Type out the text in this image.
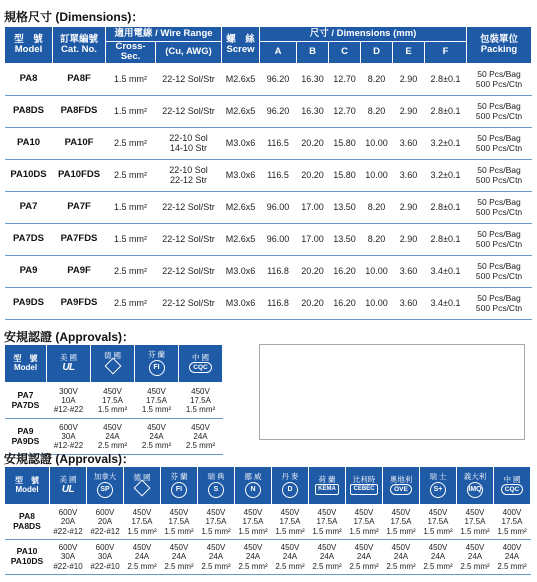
規格尺寸 (Dimensions)：
型　號
Model	訂單編號
Cat. No.	適用電線 / Wire Range		螺　絲
Screw	尺寸 / Dimensions (mm)						包裝單位
Packing

		Cross-Sec.	(Cu, AWG)		A	B	C	D	E	F	
PA8	PA8F	1.5 mm²	22-12 Sol/Str	M2.6x5	96.20	16.30	12.70	8.20	2.90	2.8±0.1	50 Pcs/Bag
500 Pcs/Ctn

PA8DS	PA8FDS	1.5 mm²	22-12 Sol/Str	M2.6x5	96.20	16.30	12.70	8.20	2.90	2.8±0.1	50 Pcs/Bag
500 Pcs/Ctn

PA10	PA10F	2.5 mm²	22-10 Sol
14-10 Str	M3.0x6	116.5	20.20	15.80	10.00	3.60	3.2±0.1	50 Pcs/Bag
500 Pcs/Ctn

PA10DS	PA10FDS	2.5 mm²	22-10 Sol
22-12 Str	M3.0x6	116.5	20.20	15.80	10.00	3.60	3.2±0.1	50 Pcs/Bag
500 Pcs/Ctn

PA7	PA7F	1.5 mm²	22-12 Sol/Str	M2.6x5	96.00	17.00	13.50	8.20	2.90	2.8±0.1	50 Pcs/Bag
500 Pcs/Ctn

PA7DS	PA7FDS	1.5 mm²	22-12 Sol/Str	M2.6x5	96.00	17.00	13.50	8.20	2.90	2.8±0.1	50 Pcs/Bag
500 Pcs/Ctn

PA9	PA9F	2.5 mm²	22-12 Sol/Str	M3.0x6	116.8	20.20	16.20	10.00	3.60	3.4±0.1	50 Pcs/Bag
500 Pcs/Ctn

PA9DS	PA9FDS	2.5 mm²	22-12 Sol/Str	M3.0x6	116.8	20.20	16.20	10.00	3.60	3.4±0.1	50 Pcs/Bag
500 Pcs/Ctn
安規認證 (Approvals)：
型　號
Model	美 國
UL	德 國	芬 蘭
FI	中 國
CQC

PA7
PA7DS	300V
10A
#12-#22	450V
17.5A
1.5 mm²	450V
17.5A
1.5 mm²	450V
17.5A
1.5 mm²

PA9
PA9DS	600V
30A
#12-#22	450V
24A
2.5 mm²	450V
24A
2.5 mm²	450V
24A
2.5 mm²
安規認證 (Approvals)：
型　號
Model	美 國
UL	加拿大
SP	德 國	芬 蘭
FI	瑞 典
S	挪 威
N	丹 麥
D	荷 蘭
KEMA	比利時
CEBEC	奧地利
ÖVE	瑞 士
S+	義大利
IMQ	中 國
CQC

PA8
PA8DS	600V
20A
#22-#12	600V
20A
#22-#12	450V
17.5A
1.5 mm²	450V
17.5A
1.5 mm²	450V
17.5A
1.5 mm²	450V
17.5A
1.5 mm²	450V
17.5A
1.5 mm²	450V
17.5A
1.5 mm²	450V
17.5A
1.5 mm²	450V
17.5A
1.5 mm²	450V
17.5A
1.5 mm²	450V
17.5A
1.5 mm²	400V
17.5A
1.5 mm²

PA10
PA10DS	600V
30A
#22-#10	600V
30A
#22-#10	450V
24A
2.5 mm²	450V
24A
2.5 mm²	450V
24A
2.5 mm²	450V
24A
2.5 mm²	450V
24A
2.5 mm²	450V
24A
2.5 mm²	450V
24A
2.5 mm²	450V
24A
2.5 mm²	450V
24A
2.5 mm²	450V
24A
2.5 mm²	400V
24A
2.5 mm²
